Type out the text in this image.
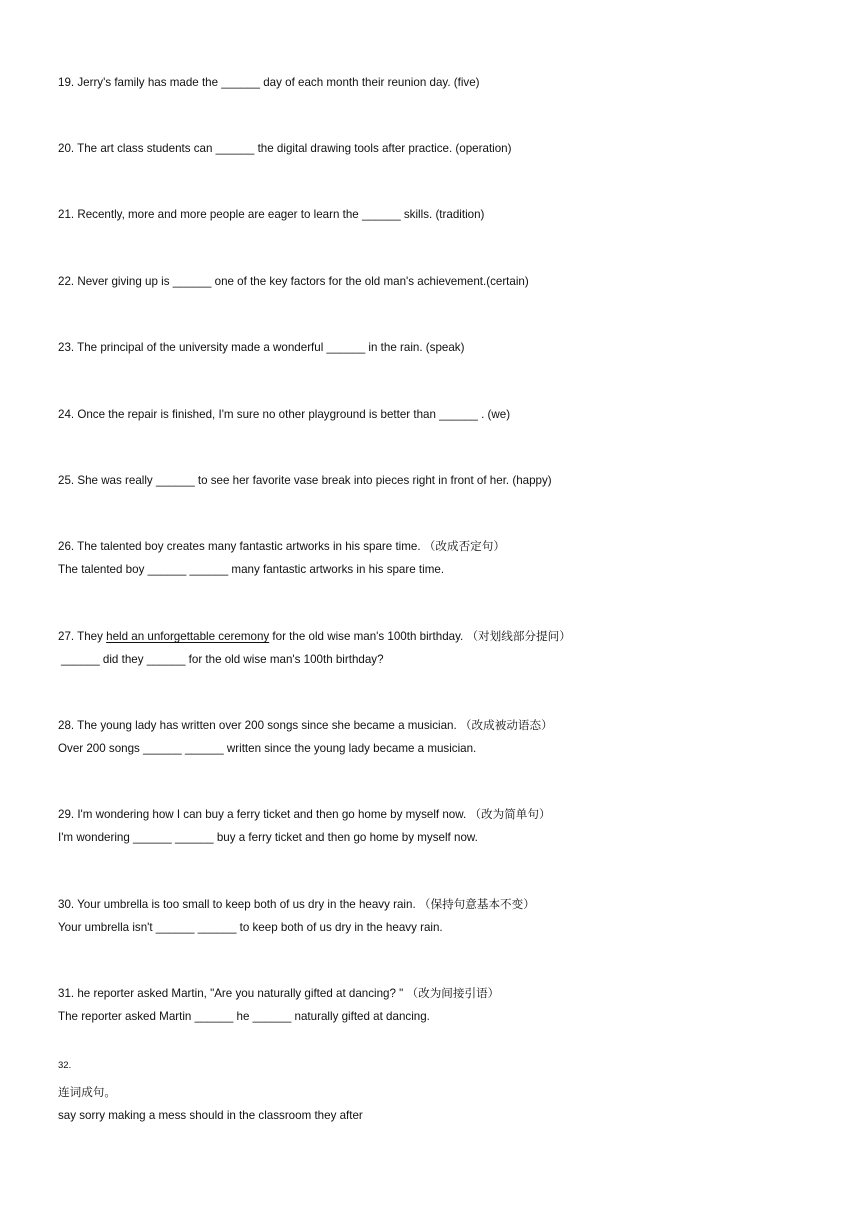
19. Jerry's family has made the ______ day of each month their reunion day. (five)
20. The art class students can ______ the digital drawing tools after practice. (operation)
21. Recently, more and more people are eager to learn the ______ skills. (tradition)
22. Never giving up is ______ one of the key factors for the old man's achievement.(certain)
23. The principal of the university made a wonderful ______ in the rain. (speak)
24. Once the repair is finished, I'm sure no other playground is better than ______ . (we)
25. She was really ______ to see her favorite vase break into pieces right in front of her. (happy)
26. The talented boy creates many fantastic artworks in his spare time. （改成否定句）
The talented boy ______ ______ many fantastic artworks in his spare time.
27. They held an unforgettable ceremony for the old wise man's 100th birthday. （对划线部分提问）
______ did they ______ for the old wise man's 100th birthday?
28. The young lady has written over 200 songs since she became a musician. （改成被动语态）
Over 200 songs ______ ______ written since the young lady became a musician.
29. I'm wondering how I can buy a ferry ticket and then go home by myself now. （改为简单句）
I'm wondering ______ ______ buy a ferry ticket and then go home by myself now.
30. Your umbrella is too small to keep both of us dry in the heavy rain. （保持句意基本不变）
Your umbrella isn't ______ ______ to keep both of us dry in the heavy rain.
31. he reporter asked Martin, "Are you naturally gifted at dancing? " （改为间接引语）
The reporter asked Martin ______ he ______ naturally gifted at dancing.
32.
连词成句。
say sorry making a mess should in the classroom they after
